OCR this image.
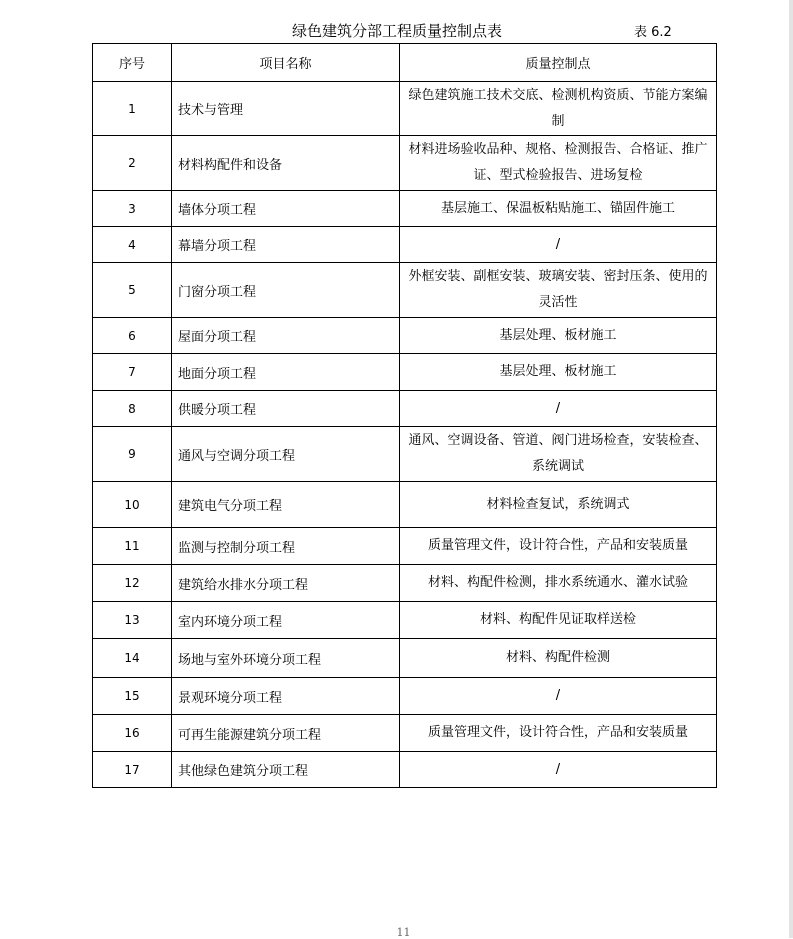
绿色建筑分部工程质量控制点表	表 6.2
序号	项目名称	质量控制点
1	技术与管理	绿色建筑施工技术交底、检测机构资质、节能方案编制
2	材料构配件和设备	材料进场验收品种、规格、检测报告、合格证、推广证、型式检验报告、进场复检
3	墙体分项工程	基层施工、保温板粘贴施工、锚固件施工
4	幕墙分项工程	/
5	门窗分项工程	外框安装、副框安装、玻璃安装、密封压条、使用的灵活性
6	屋面分项工程	基层处理、板材施工
7	地面分项工程	基层处理、板材施工
8	供暖分项工程	/
9	通风与空调分项工程	通风、空调设备、管道、阀门进场检查，安装检查、系统调试
10	建筑电气分项工程	材料检查复试，系统调式
11	监测与控制分项工程	质量管理文件，设计符合性，产品和安装质量
12	建筑给水排水分项工程	材料、构配件检测，排水系统通水、灌水试验
13	室内环境分项工程	材料、构配件见证取样送检
14	场地与室外环境分项工程	材料、构配件检测
15	景观环境分项工程	/
16	可再生能源建筑分项工程	质量管理文件，设计符合性，产品和安装质量
17	其他绿色建筑分项工程	/
11
